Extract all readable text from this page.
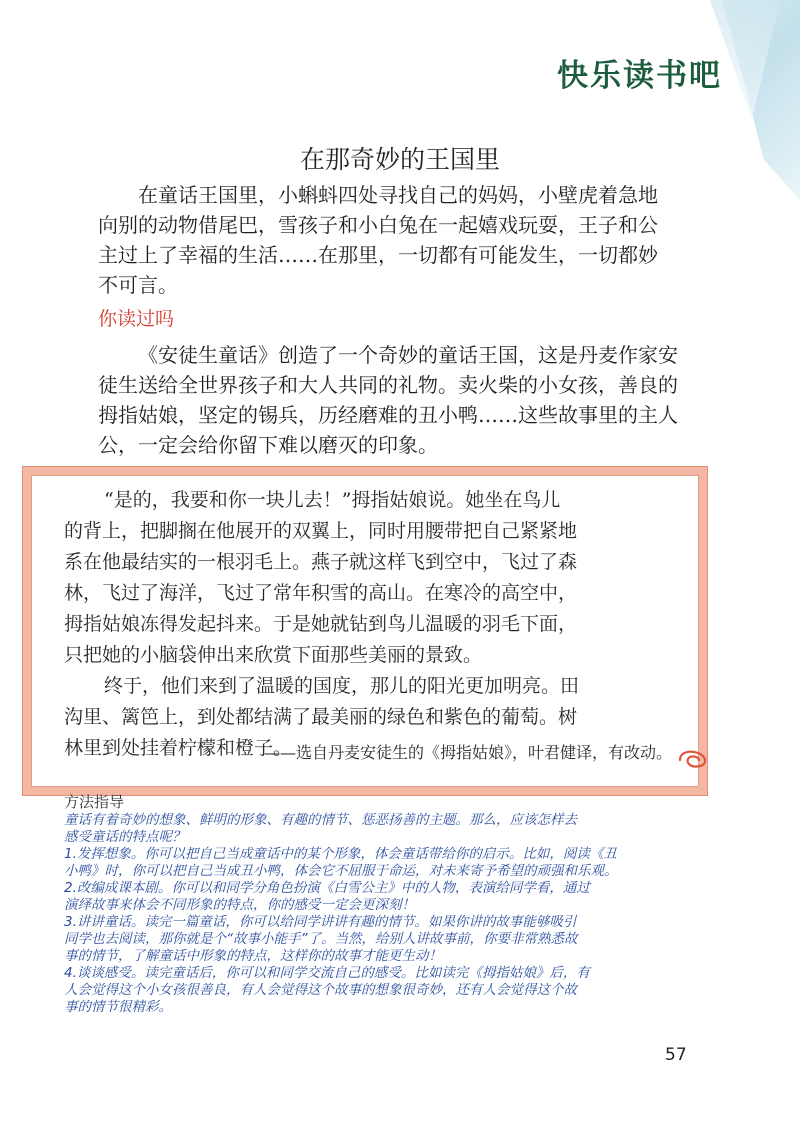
快乐读书吧
在那奇妙的王国里
在童话王国里，小蝌蚪四处寻找自己的妈妈，小壁虎着急地
向别的动物借尾巴，雪孩子和小白兔在一起嬉戏玩耍，王子和公
主过上了幸福的生活……在那里，一切都有可能发生，一切都妙
不可言。
你读过吗
《安徒生童话》创造了一个奇妙的童话王国，这是丹麦作家安
徒生送给全世界孩子和大人共同的礼物。卖火柴的小女孩，善良的
拇指姑娘，坚定的锡兵，历经磨难的丑小鸭……这些故事里的主人
公，一定会给你留下难以磨灭的印象。
“是的，我要和你一块儿去！”拇指姑娘说。她坐在鸟儿
的背上，把脚搁在他展开的双翼上，同时用腰带把自己紧紧地
系在他最结实的一根羽毛上。燕子就这样飞到空中，飞过了森
林，飞过了海洋，飞过了常年积雪的高山。在寒冷的高空中，
拇指姑娘冻得发起抖来。于是她就钻到鸟儿温暖的羽毛下面，
只把她的小脑袋伸出来欣赏下面那些美丽的景致。
终于，他们来到了温暖的国度，那儿的阳光更加明亮。田
沟里、篱笆上，到处都结满了最美丽的绿色和紫色的葡萄。树
林里到处挂着柠檬和橙子。
——选自丹麦安徒生的《拇指姑娘》，叶君健译，有改动。
方法指导
童话有着奇妙的想象、鲜明的形象、有趣的情节、惩恶扬善的主题。那么，应该怎样去
感受童话的特点呢？
1.发挥想象。你可以把自己当成童话中的某个形象，体会童话带给你的启示。比如，阅读《丑
小鸭》时，你可以把自己当成丑小鸭，体会它不屈服于命运，对未来寄予希望的顽强和乐观。
2.改编成课本剧。你可以和同学分角色扮演《白雪公主》中的人物，表演给同学看，通过
演绎故事来体会不同形象的特点，你的感受一定会更深刻！
3.讲讲童话。读完一篇童话，你可以给同学讲讲有趣的情节。如果你讲的故事能够吸引
同学也去阅读，那你就是个“故事小能手”了。当然，给别人讲故事前，你要非常熟悉故
事的情节，了解童话中形象的特点，这样你的故事才能更生动！
4.谈谈感受。读完童话后，你可以和同学交流自己的感受。比如读完《拇指姑娘》后，有
人会觉得这个小女孩很善良，有人会觉得这个故事的想象很奇妙，还有人会觉得这个故
事的情节很精彩。
57
